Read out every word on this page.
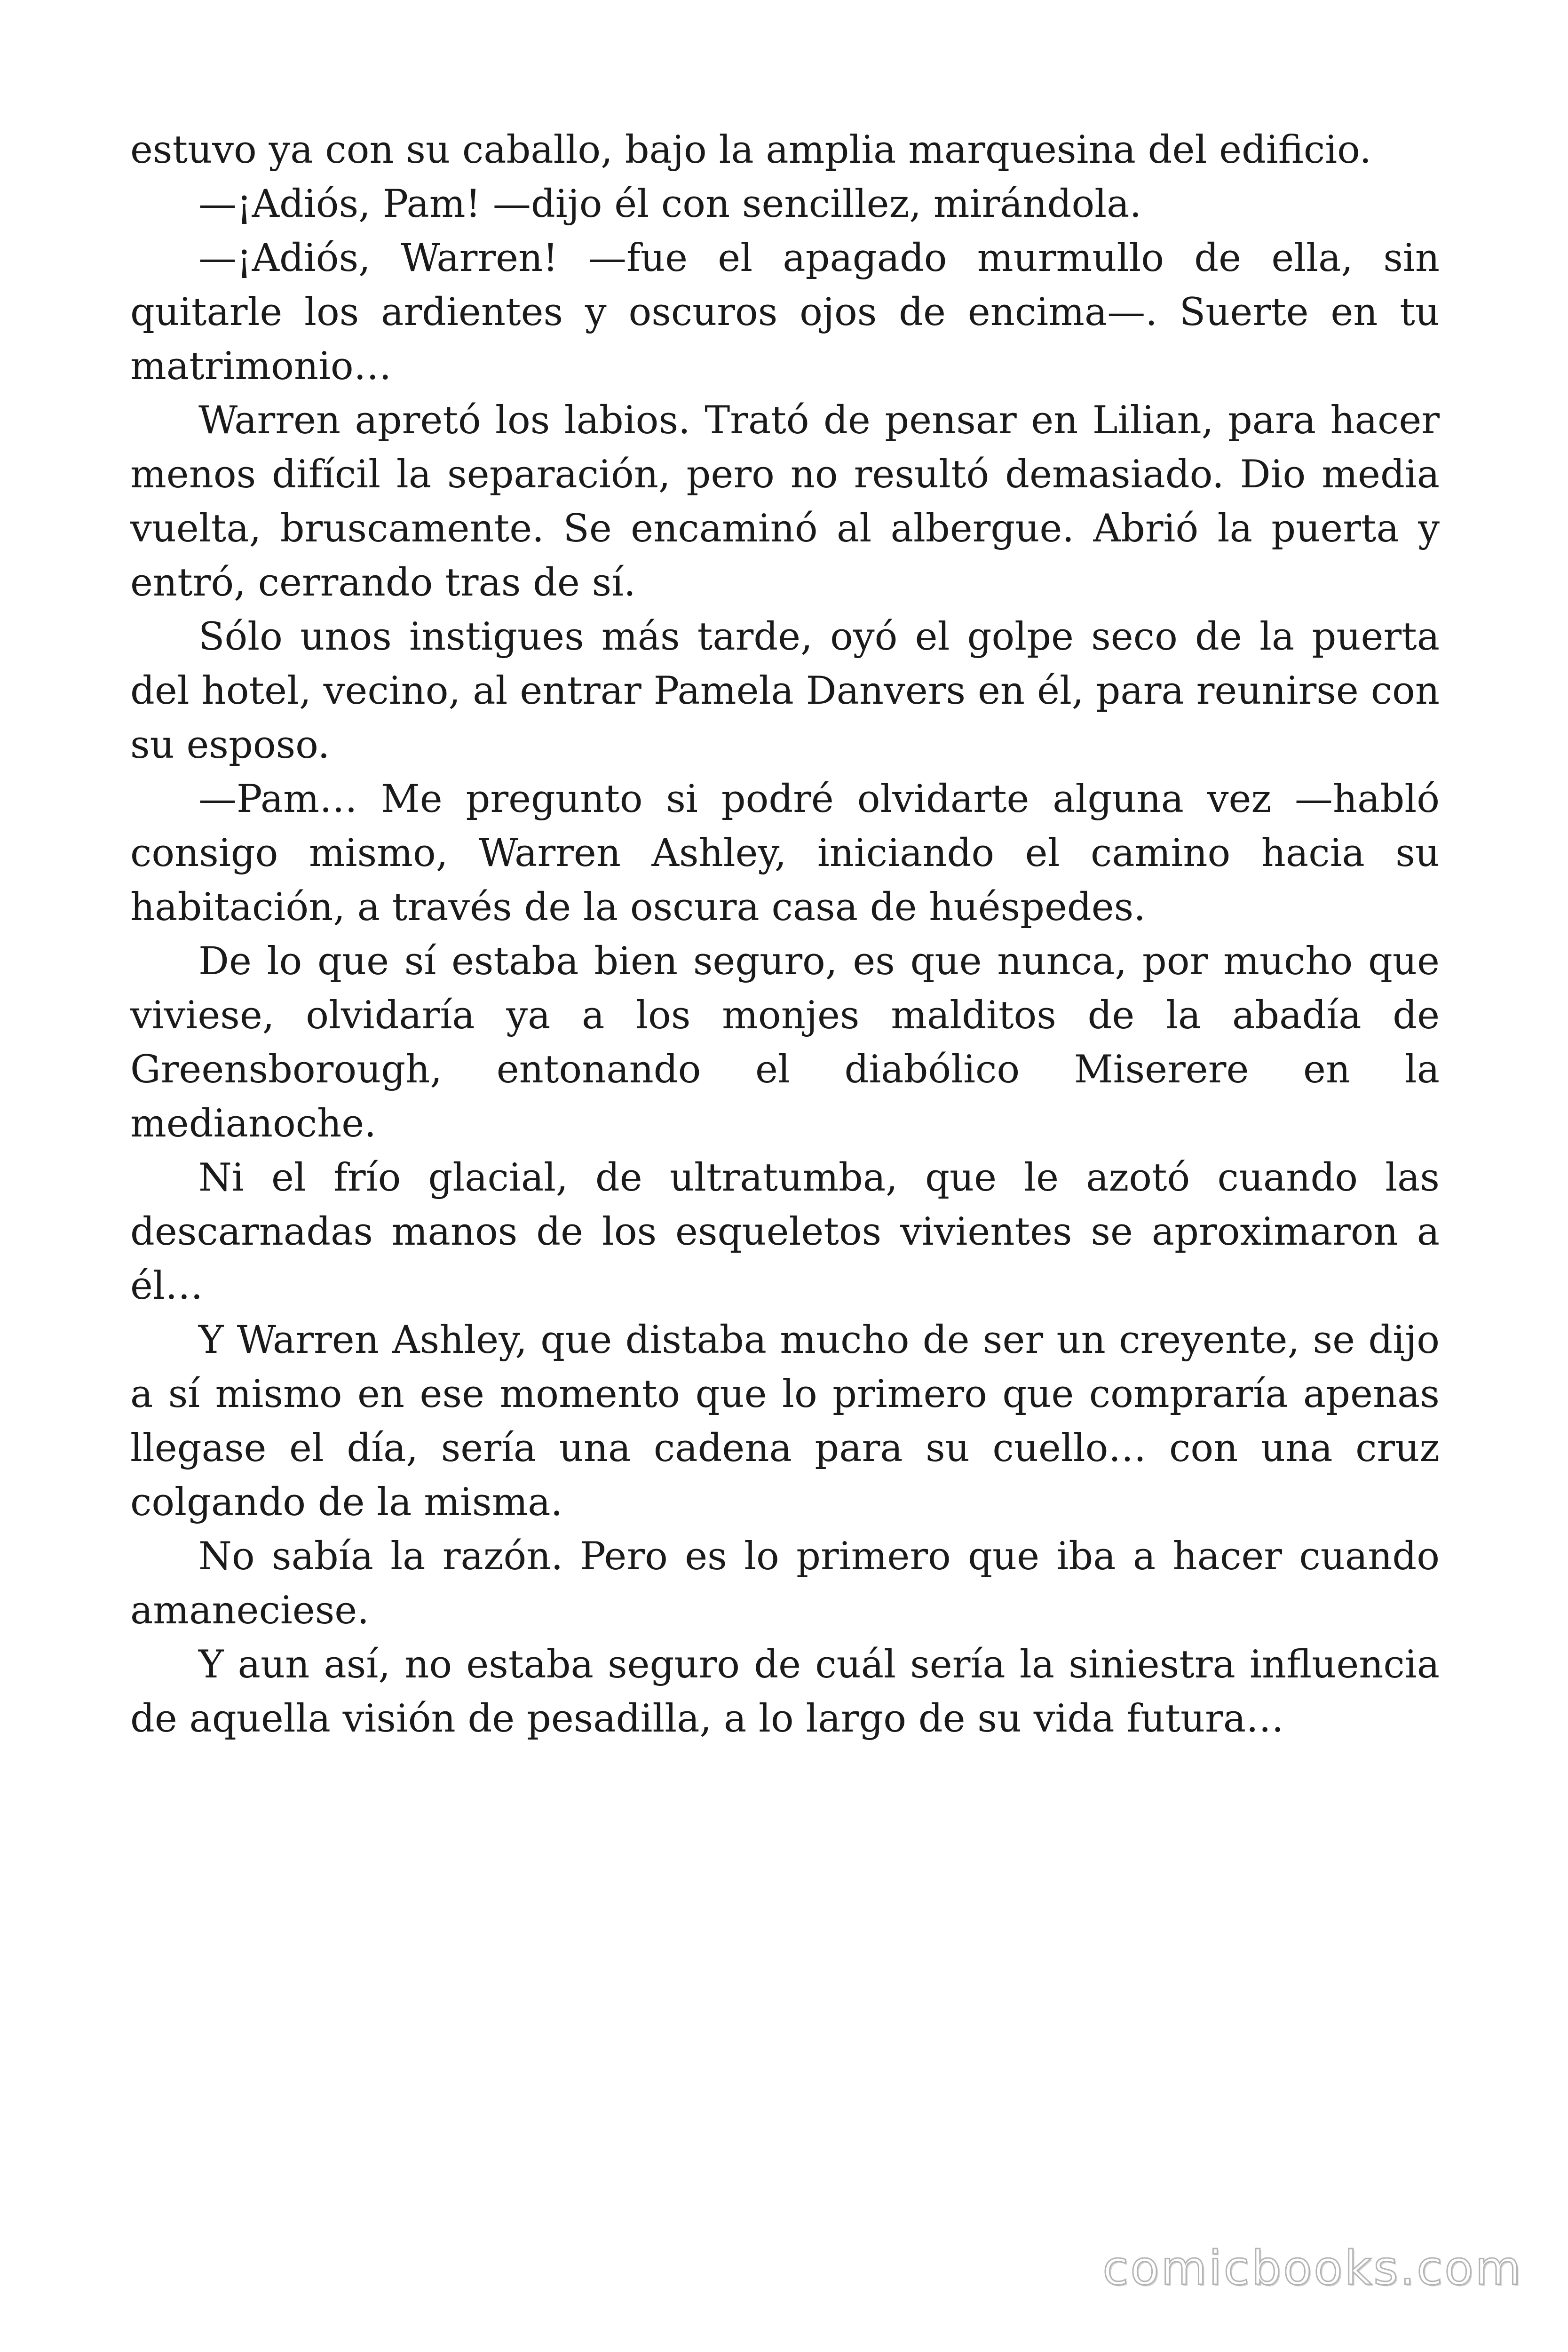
estuvo ya con su caballo, bajo la amplia marquesina del edificio.

—¡Adiós, Pam! —dijo él con sencillez, mirándola.

—¡Adiós, Warren! —fue el apagado murmullo de ella, sin quitarle los ardientes y oscuros ojos de encima—. Suerte en tu matrimonio…

Warren apretó los labios. Trató de pensar en Lilian, para hacer menos difícil la separación, pero no resultó demasiado. Dio media vuelta, bruscamente. Se encaminó al albergue. Abrió la puerta y entró, cerrando tras de sí.

Sólo unos instigues más tarde, oyó el golpe seco de la puerta del hotel, vecino, al entrar Pamela Danvers en él, para reunirse con su esposo.

—Pam… Me pregunto si podré olvidarte alguna vez —habló consigo mismo, Warren Ashley, iniciando el camino hacia su habitación, a través de la oscura casa de huéspedes.

De lo que sí estaba bien seguro, es que nunca, por mucho que viviese, olvidaría ya a los monjes malditos de la abadía de Greensborough, entonando el diabólico Miserere en la medianoche.

Ni el frío glacial, de ultratumba, que le azotó cuando las descarnadas manos de los esqueletos vivientes se aproximaron a él…

Y Warren Ashley, que distaba mucho de ser un creyente, se dijo a sí mismo en ese momento que lo primero que compraría apenas llegase el día, sería una cadena para su cuello… con una cruz colgando de la misma.

No sabía la razón. Pero es lo primero que iba a hacer cuando amaneciese.

Y aun así, no estaba seguro de cuál sería la siniestra influencia de aquella visión de pesadilla, a lo largo de su vida futura…

comicbooks.com
